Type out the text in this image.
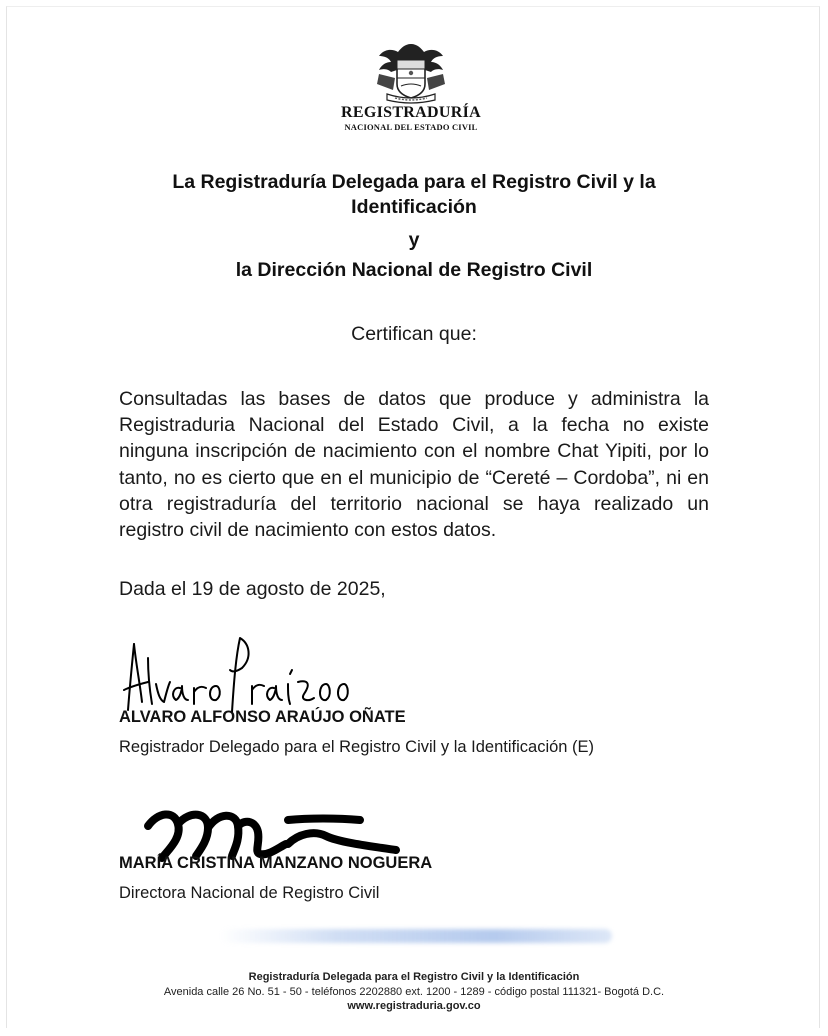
REGISTRADURÍA
NACIONAL DEL ESTADO CIVIL
La Registraduría Delegada para el Registro Civil y la
Identificación
y
la Dirección Nacional de Registro Civil
Certifican que:
Consultadas las bases de datos que produce y administra la Registraduria Nacional del Estado Civil, a la fecha no existe ninguna inscripción de nacimiento con el nombre Chat Yipiti, por lo tanto, no es cierto que en el municipio de “Cereté – Cordoba”, ni en otra registraduría del territorio nacional se haya realizado un registro civil de nacimiento con estos datos.
Dada el 19 de agosto de 2025,
ALVARO ALFONSO ARAÚJO OÑATE
Registrador Delegado para el Registro Civil y la Identificación (E)
MARÍA CRISTINA MANZANO NOGUERA
Directora Nacional de Registro Civil
Registraduría Delegada para el Registro Civil y la Identificación
Avenida calle 26 No. 51 - 50 - teléfonos 2202880 ext. 1200 - 1289 - código postal 111321- Bogotá D.C.
www.registraduria.gov.co
